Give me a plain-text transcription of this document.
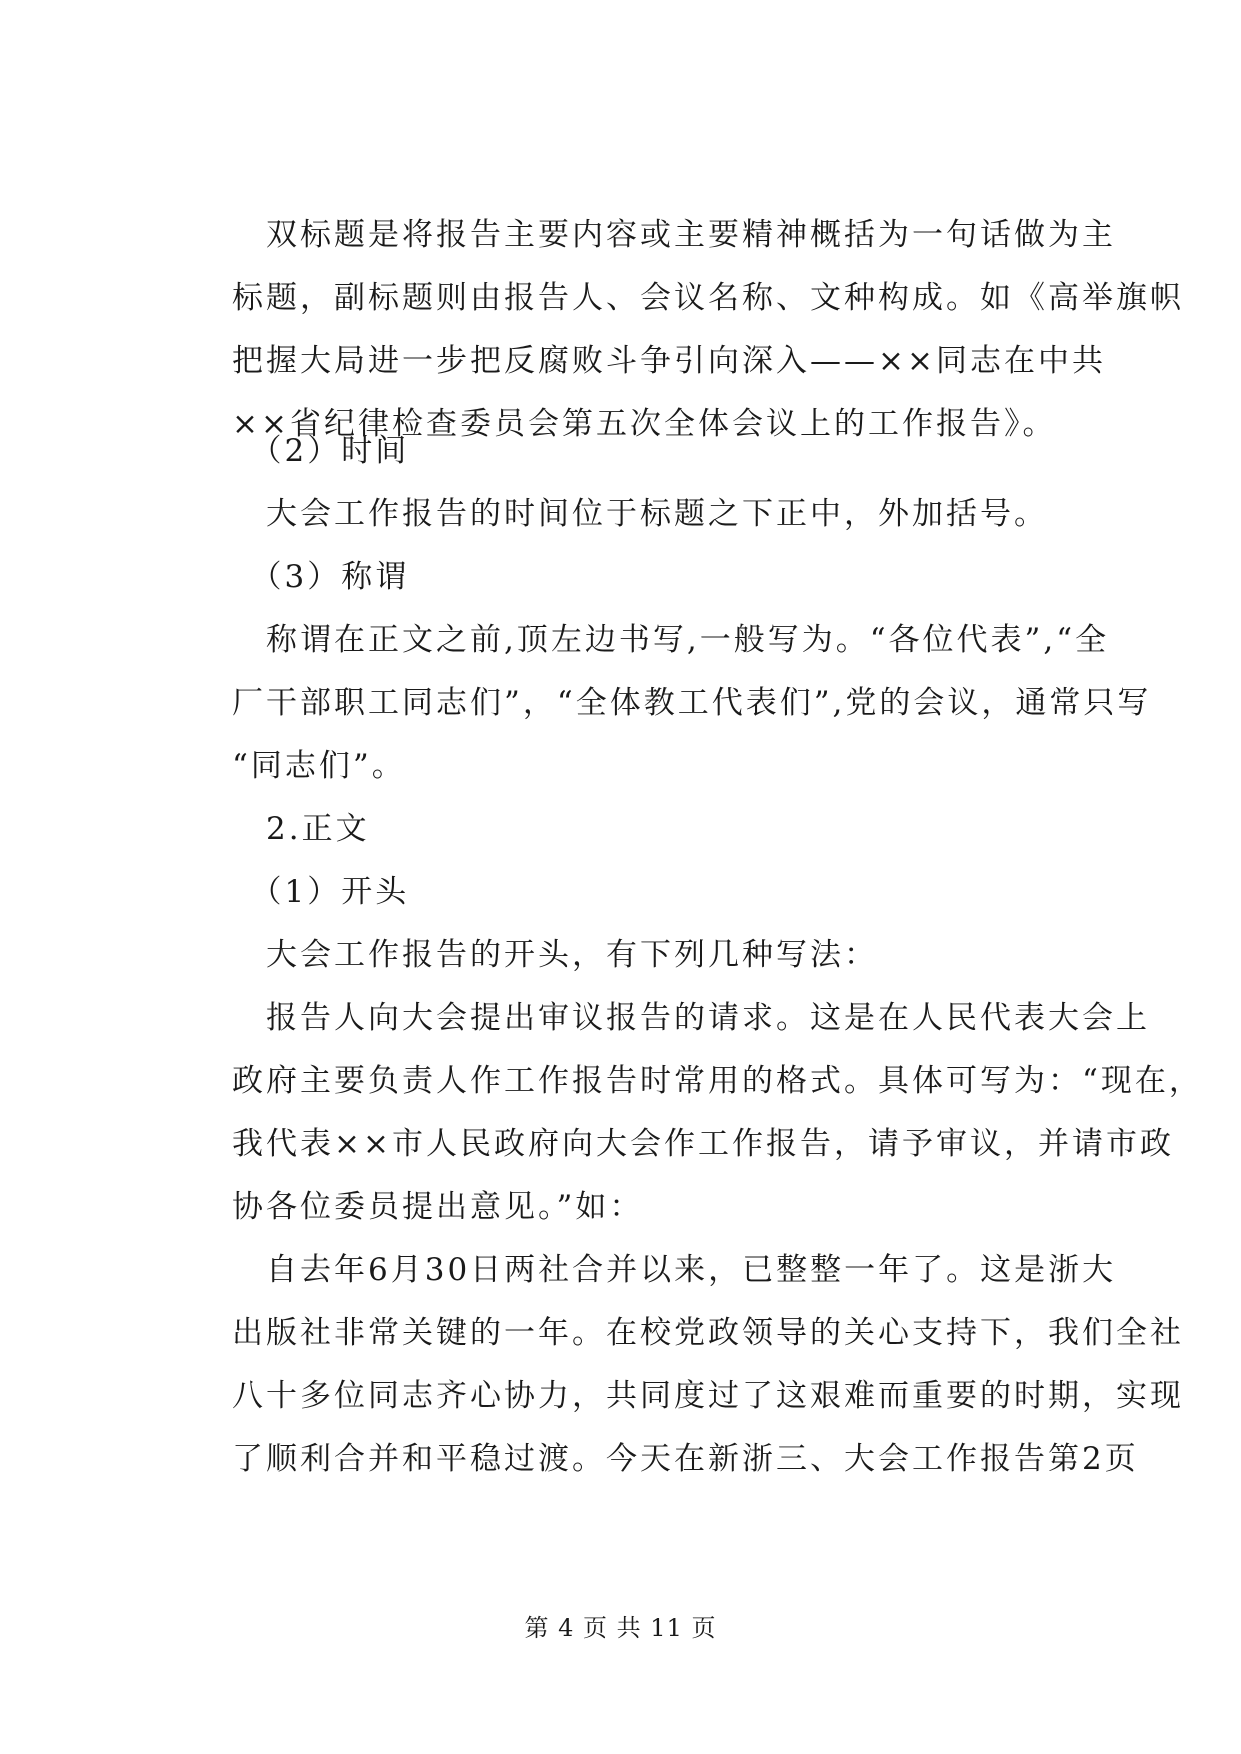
　双标题是将报告主要内容或主要精神概括为一句话做为主
标题，副标题则由报告人、会议名称、文种构成。如《高举旗帜
把握大局进一步把反腐败斗争引向深入——××同志在中共
××省纪律检查委员会第五次全体会议上的工作报告》。
　（2）时间
　大会工作报告的时间位于标题之下正中，外加括号。
　（3）称谓
　称谓在正文之前,顶左边书写,一般写为。“各位代表”,“全
厂干部职工同志们”，“全体教工代表们”,党的会议，通常只写
“同志们”。
　2.正文
　（1）开头
　大会工作报告的开头，有下列几种写法：
　报告人向大会提出审议报告的请求。这是在人民代表大会上
政府主要负责人作工作报告时常用的格式。具体可写为：“现在，
我代表××市人民政府向大会作工作报告，请予审议，并请市政
协各位委员提出意见。”如：
　自去年6月30日两社合并以来，已整整一年了。这是浙大
出版社非常关键的一年。在校党政领导的关心支持下，我们全社
八十多位同志齐心协力，共同度过了这艰难而重要的时期，实现
了顺利合并和平稳过渡。今天在新浙三、大会工作报告第2页
第 4 页 共 11 页
